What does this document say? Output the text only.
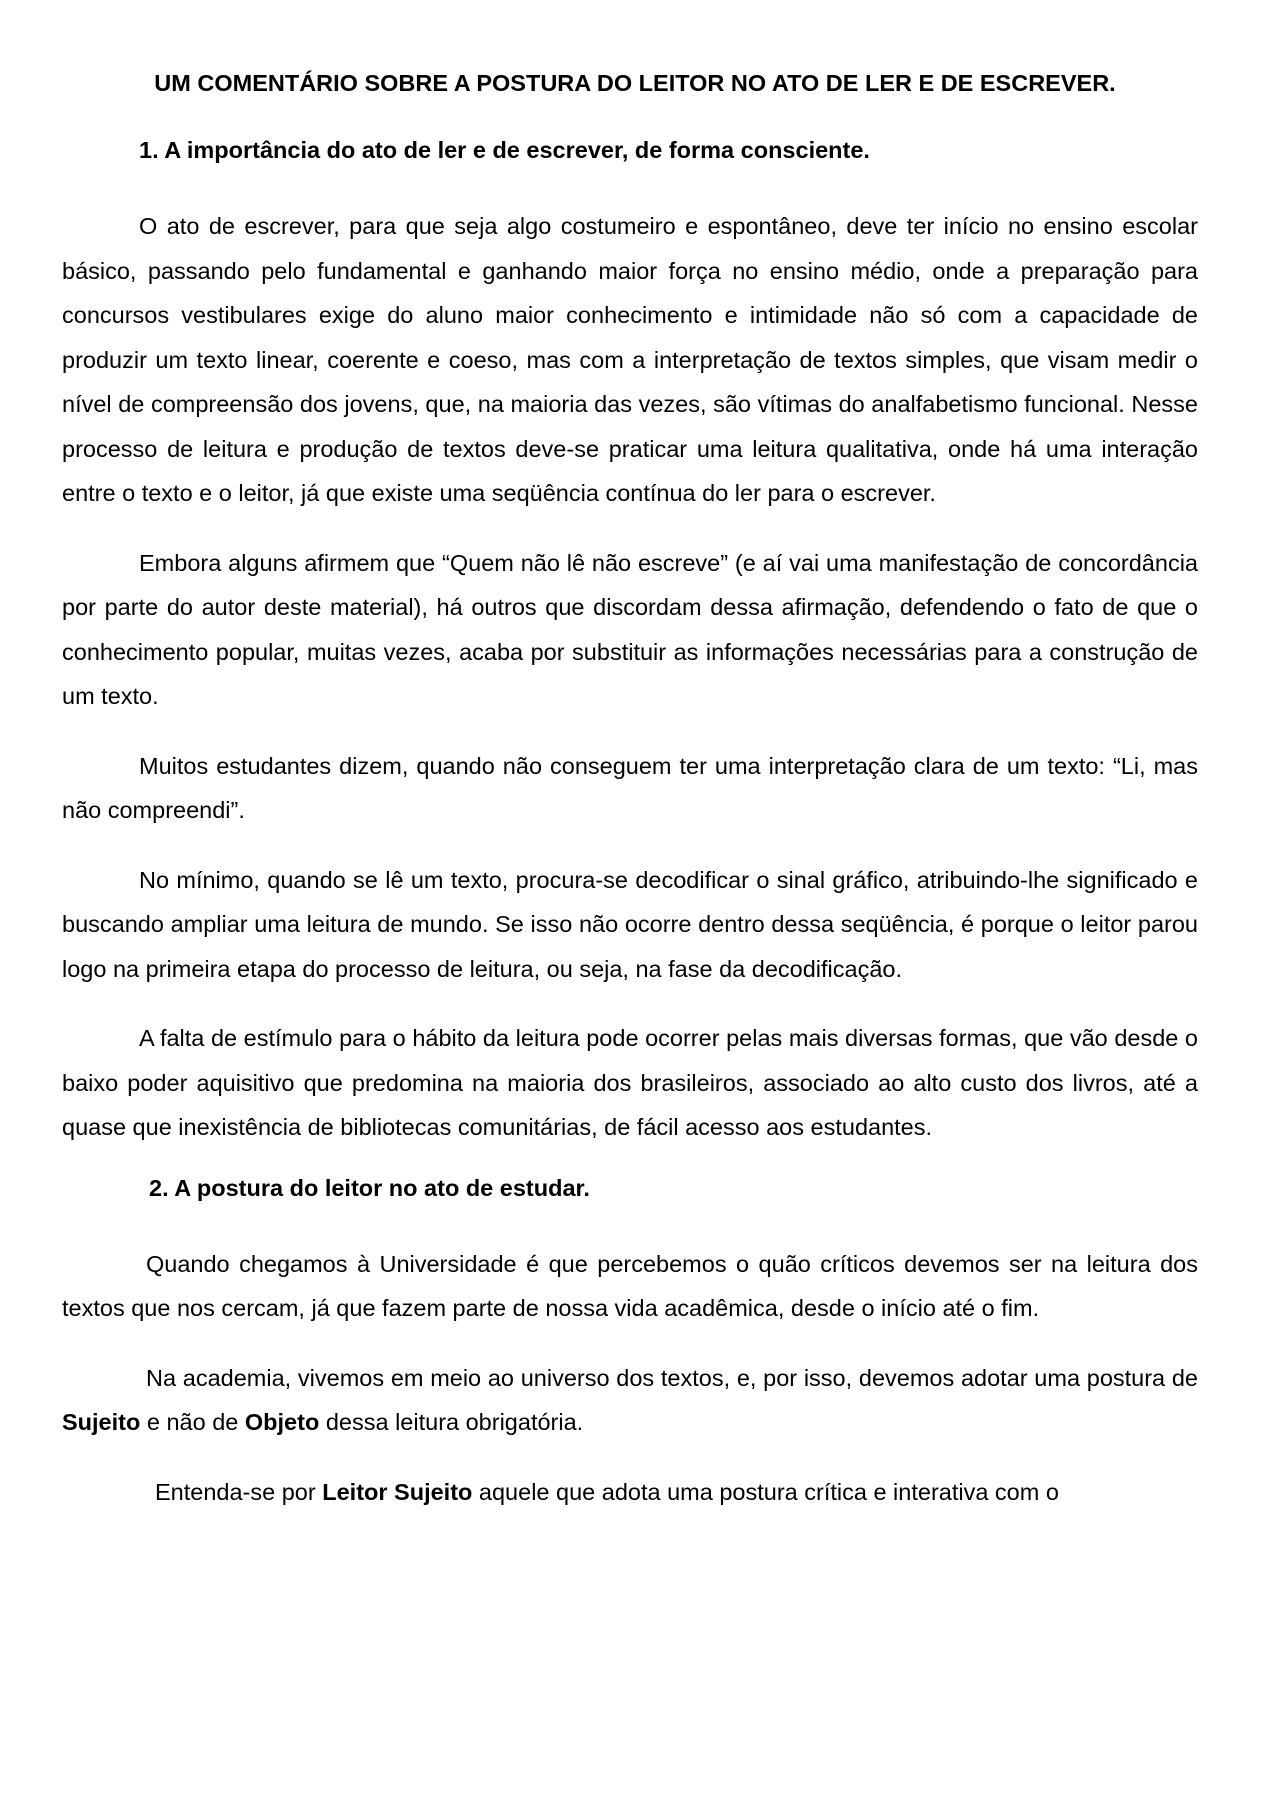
UM COMENTÁRIO SOBRE A POSTURA DO LEITOR NO ATO DE LER E DE ESCREVER.
1. A importância do ato de ler e de escrever, de forma consciente.

O ato de escrever, para que seja algo costumeiro e espontâneo, deve ter início no ensino escolar básico, passando pelo fundamental e ganhando maior força no ensino médio, onde a preparação para concursos vestibulares exige do aluno maior conhecimento e intimidade não só com a capacidade de produzir um texto linear, coerente e coeso, mas com a interpretação de textos simples, que visam medir o nível de compreensão dos jovens, que, na maioria das vezes, são vítimas do analfabetismo funcional. Nesse processo de leitura e produção de textos deve-se praticar uma leitura qualitativa, onde há uma interação entre o texto e o leitor, já que existe uma seqüência contínua do ler para o escrever.

Embora alguns afirmem que “Quem não lê não escreve” (e aí vai uma manifestação de concordância por parte do autor deste material), há outros que discordam dessa afirmação, defendendo o fato de que o conhecimento popular, muitas vezes, acaba por substituir as informações necessárias para a construção de um texto.

Muitos estudantes dizem, quando não conseguem ter uma interpretação clara de um texto: “Li, mas não compreendi”.

No mínimo, quando se lê um texto, procura-se decodificar o sinal gráfico, atribuindo-lhe significado e buscando ampliar uma leitura de mundo. Se isso não ocorre dentro dessa seqüência, é porque o leitor parou logo na primeira etapa do processo de leitura, ou seja, na fase da decodificação.

A falta de estímulo para o hábito da leitura pode ocorrer pelas mais diversas formas, que vão desde o baixo poder aquisitivo que predomina na maioria dos brasileiros, associado ao alto custo dos livros, até a quase que inexistência de bibliotecas comunitárias, de fácil acesso aos estudantes.

2. A postura do leitor no ato de estudar.

Quando chegamos à Universidade é que percebemos o quão críticos devemos ser na leitura dos textos que nos cercam, já que fazem parte de nossa vida acadêmica, desde o início até o fim.

Na academia, vivemos em meio ao universo dos textos, e, por isso, devemos adotar uma postura de Sujeito e não de Objeto dessa leitura obrigatória.

Entenda-se por Leitor Sujeito aquele que adota uma postura crítica e interativa com o
